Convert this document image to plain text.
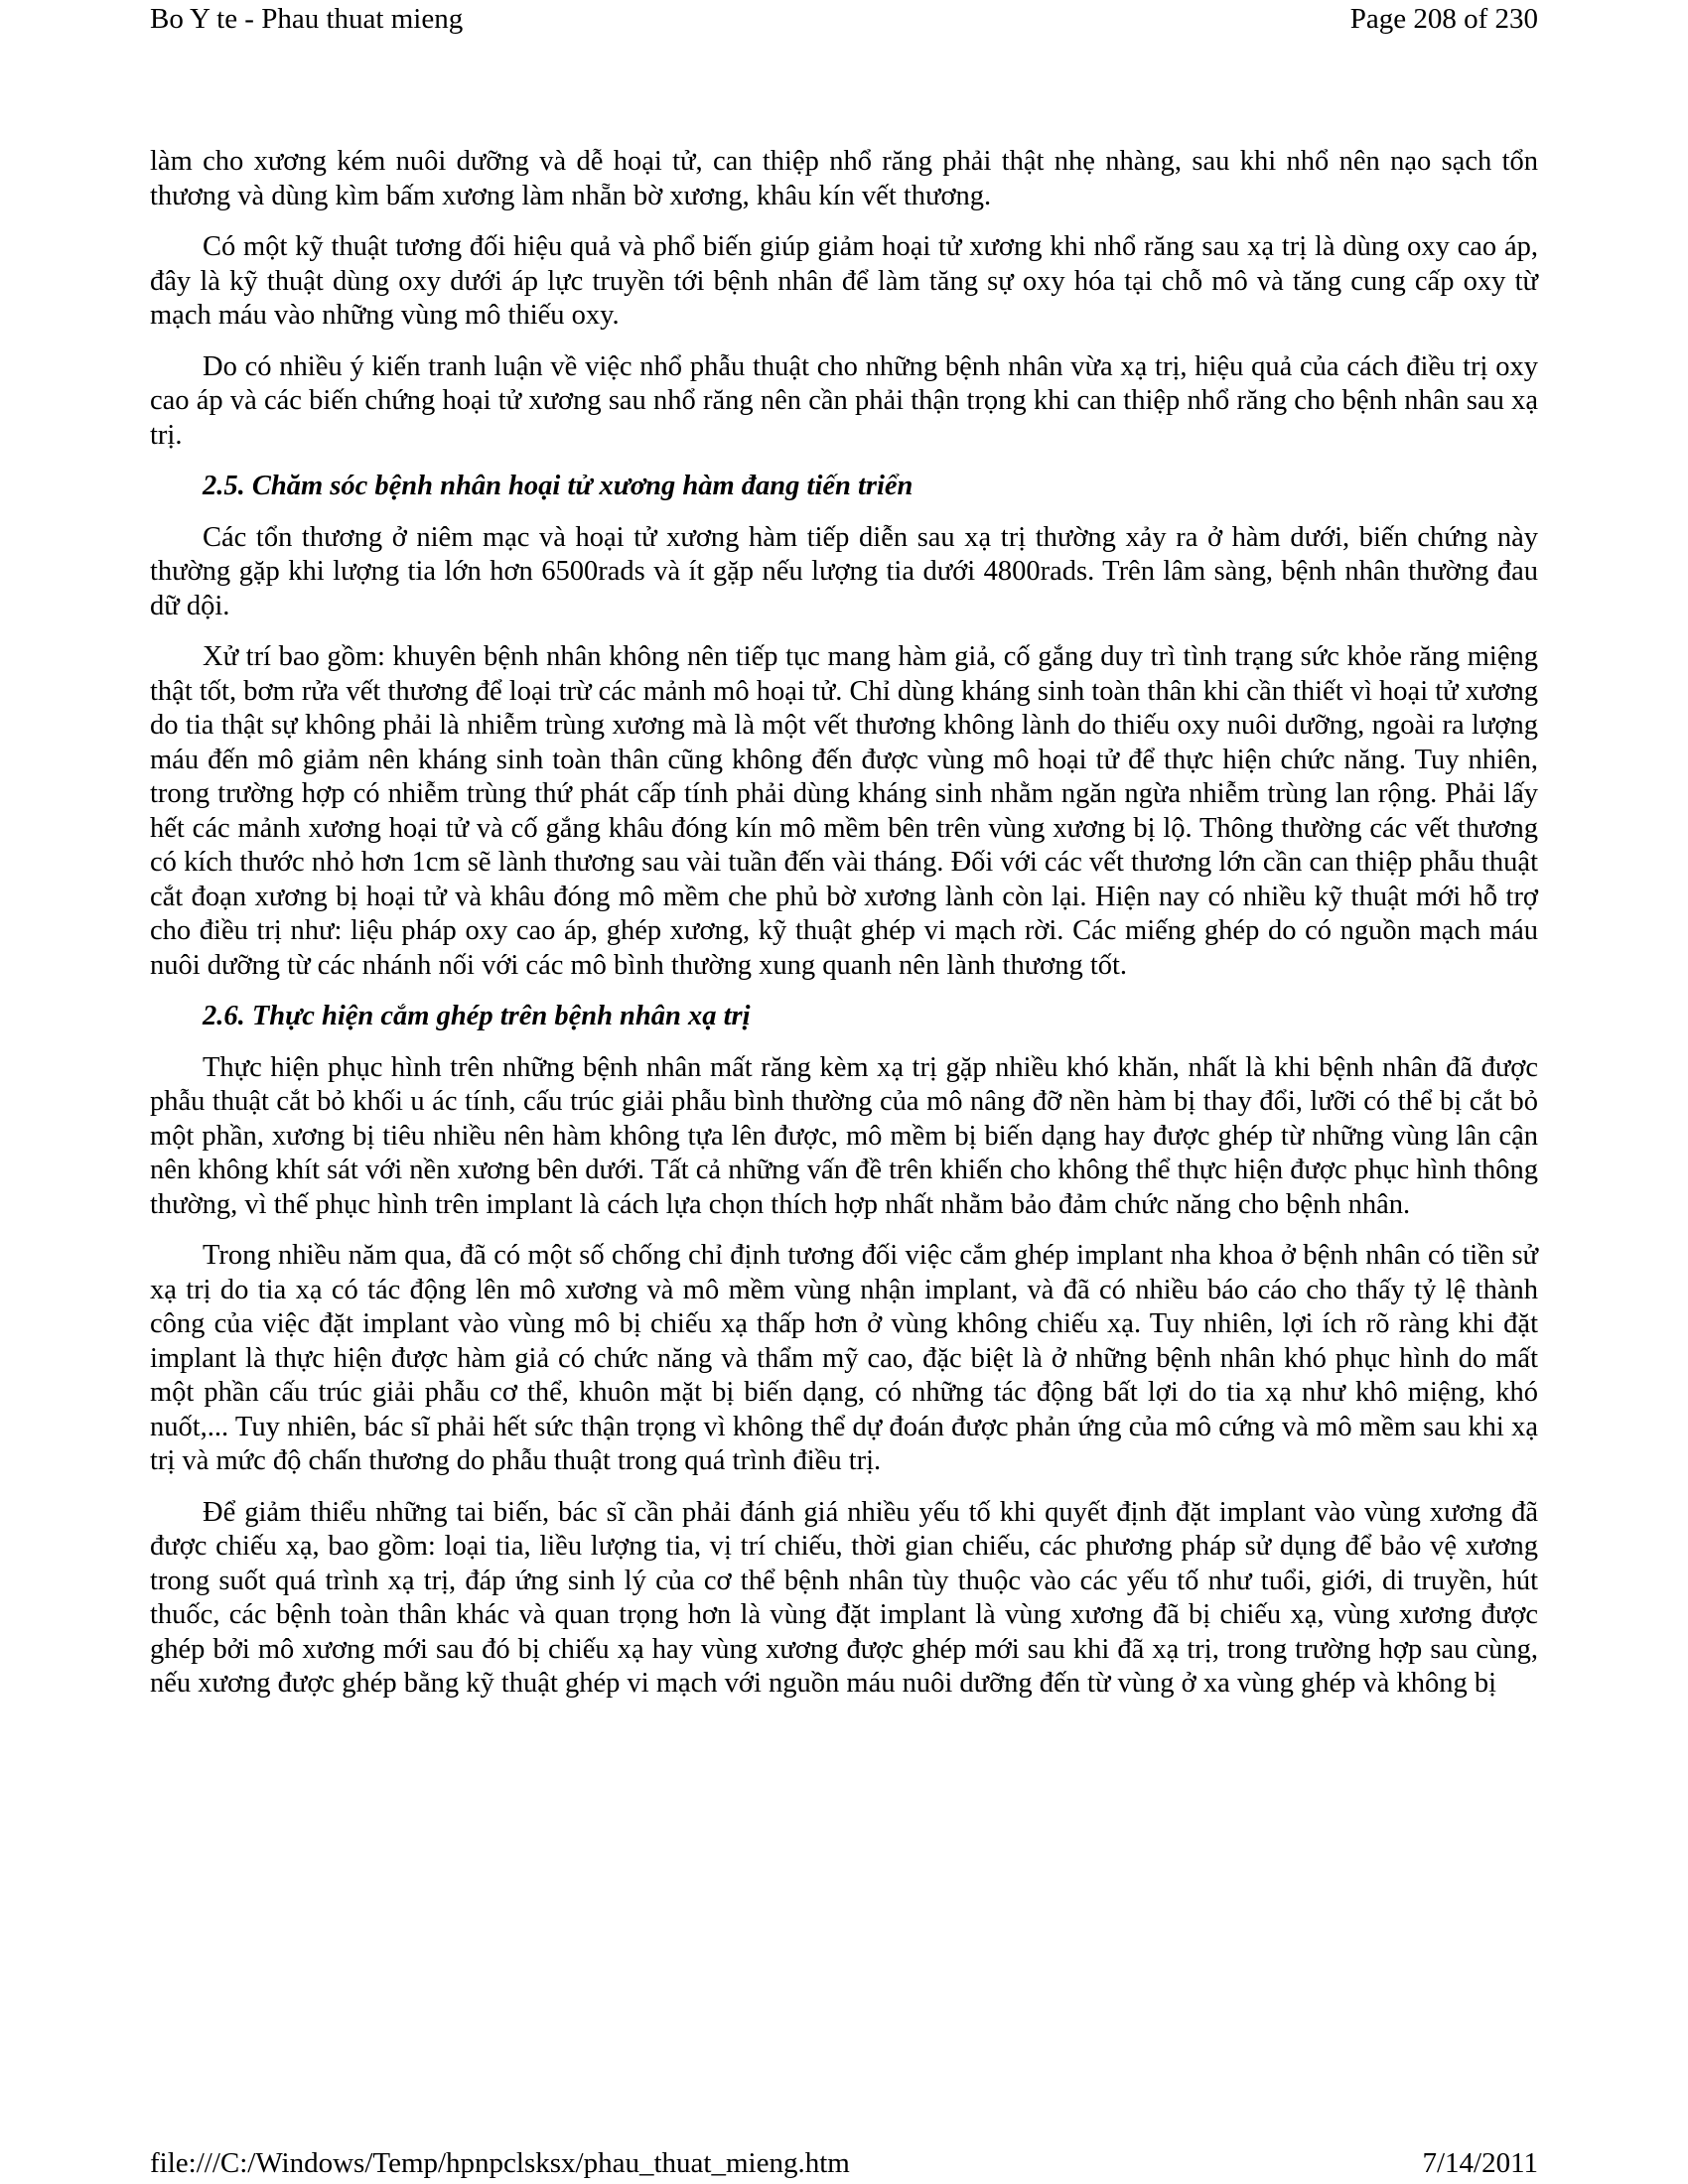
Bo Y te - Phau thuat mieng	Page 208 of 230

làm cho xương kém nuôi dưỡng và dễ hoại tử, can thiệp nhổ răng phải thật nhẹ nhàng, sau khi nhổ nên nạo sạch tổn thương và dùng kìm bấm xương làm nhẵn bờ xương, khâu kín vết thương.

Có một kỹ thuật tương đối hiệu quả và phổ biến giúp giảm hoại tử xương khi nhổ răng sau xạ trị là dùng oxy cao áp, đây là kỹ thuật dùng oxy dưới áp lực truyền tới bệnh nhân để làm tăng sự oxy hóa tại chỗ mô và tăng cung cấp oxy từ mạch máu vào những vùng mô thiếu oxy.

Do có nhiều ý kiến tranh luận về việc nhổ phẫu thuật cho những bệnh nhân vừa xạ trị, hiệu quả của cách điều trị oxy cao áp và các biến chứng hoại tử xương sau nhổ răng nên cần phải thận trọng khi can thiệp nhổ răng cho bệnh nhân sau xạ trị.

2.5. Chăm sóc bệnh nhân hoại tử xương hàm đang tiến triển

Các tổn thương ở niêm mạc và hoại tử xương hàm tiếp diễn sau xạ trị thường xảy ra ở hàm dưới, biến chứng này thường gặp khi lượng tia lớn hơn 6500rads và ít gặp nếu lượng tia dưới 4800rads. Trên lâm sàng, bệnh nhân thường đau dữ dội.

Xử trí bao gồm: khuyên bệnh nhân không nên tiếp tục mang hàm giả, cố gắng duy trì tình trạng sức khỏe răng miệng thật tốt, bơm rửa vết thương để loại trừ các mảnh mô hoại tử. Chỉ dùng kháng sinh toàn thân khi cần thiết vì hoại tử xương do tia thật sự không phải là nhiễm trùng xương mà là một vết thương không lành do thiếu oxy nuôi dưỡng, ngoài ra lượng máu đến mô giảm nên kháng sinh toàn thân cũng không đến được vùng mô hoại tử để thực hiện chức năng. Tuy nhiên, trong trường hợp có nhiễm trùng thứ phát cấp tính phải dùng kháng sinh nhằm ngăn ngừa nhiễm trùng lan rộng. Phải lấy hết các mảnh xương hoại tử và cố gắng khâu đóng kín mô mềm bên trên vùng xương bị lộ. Thông thường các vết thương có kích thước nhỏ hơn 1cm sẽ lành thương sau vài tuần đến vài tháng. Đối với các vết thương lớn cần can thiệp phẫu thuật cắt đoạn xương bị hoại tử và khâu đóng mô mềm che phủ bờ xương lành còn lại. Hiện nay có nhiều kỹ thuật mới hỗ trợ cho điều trị như: liệu pháp oxy cao áp, ghép xương, kỹ thuật ghép vi mạch rời. Các miếng ghép do có nguồn mạch máu nuôi dưỡng từ các nhánh nối với các mô bình thường xung quanh nên lành thương tốt.

2.6. Thực hiện cắm ghép trên bệnh nhân xạ trị

Thực hiện phục hình trên những bệnh nhân mất răng kèm xạ trị gặp nhiều khó khăn, nhất là khi bệnh nhân đã được phẫu thuật cắt bỏ khối u ác tính, cấu trúc giải phẫu bình thường của mô nâng đỡ nền hàm bị thay đổi, lưỡi có thể bị cắt bỏ một phần, xương bị tiêu nhiều nên hàm không tựa lên được, mô mềm bị biến dạng hay được ghép từ những vùng lân cận nên không khít sát với nền xương bên dưới. Tất cả những vấn đề trên khiến cho không thể thực hiện được phục hình thông thường, vì thế phục hình trên implant là cách lựa chọn thích hợp nhất nhằm bảo đảm chức năng cho bệnh nhân.

Trong nhiều năm qua, đã có một số chống chỉ định tương đối việc cắm ghép implant nha khoa ở bệnh nhân có tiền sử xạ trị do tia xạ có tác động lên mô xương và mô mềm vùng nhận implant, và đã có nhiều báo cáo cho thấy tỷ lệ thành công của việc đặt implant vào vùng mô bị chiếu xạ thấp hơn ở vùng không chiếu xạ. Tuy nhiên, lợi ích rõ ràng khi đặt implant là thực hiện được hàm giả có chức năng và thẩm mỹ cao, đặc biệt là ở những bệnh nhân khó phục hình do mất một phần cấu trúc giải phẫu cơ thể, khuôn mặt bị biến dạng, có những tác động bất lợi do tia xạ như khô miệng, khó nuốt,... Tuy nhiên, bác sĩ phải hết sức thận trọng vì không thể dự đoán được phản ứng của mô cứng và mô mềm sau khi xạ trị và mức độ chấn thương do phẫu thuật trong quá trình điều trị.

Để giảm thiểu những tai biến, bác sĩ cần phải đánh giá nhiều yếu tố khi quyết định đặt implant vào vùng xương đã được chiếu xạ, bao gồm: loại tia, liều lượng tia, vị trí chiếu, thời gian chiếu, các phương pháp sử dụng để bảo vệ xương trong suốt quá trình xạ trị, đáp ứng sinh lý của cơ thể bệnh nhân tùy thuộc vào các yếu tố như tuổi, giới, di truyền, hút thuốc, các bệnh toàn thân khác và quan trọng hơn là vùng đặt implant là vùng xương đã bị chiếu xạ, vùng xương được ghép bởi mô xương mới sau đó bị chiếu xạ hay vùng xương được ghép mới sau khi đã xạ trị, trong trường hợp sau cùng, nếu xương được ghép bằng kỹ thuật ghép vi mạch với nguồn máu nuôi dưỡng đến từ vùng ở xa vùng ghép và không bị

file:///C:/Windows/Temp/hpnpclsksx/phau_thuat_mieng.htm	7/14/2011
